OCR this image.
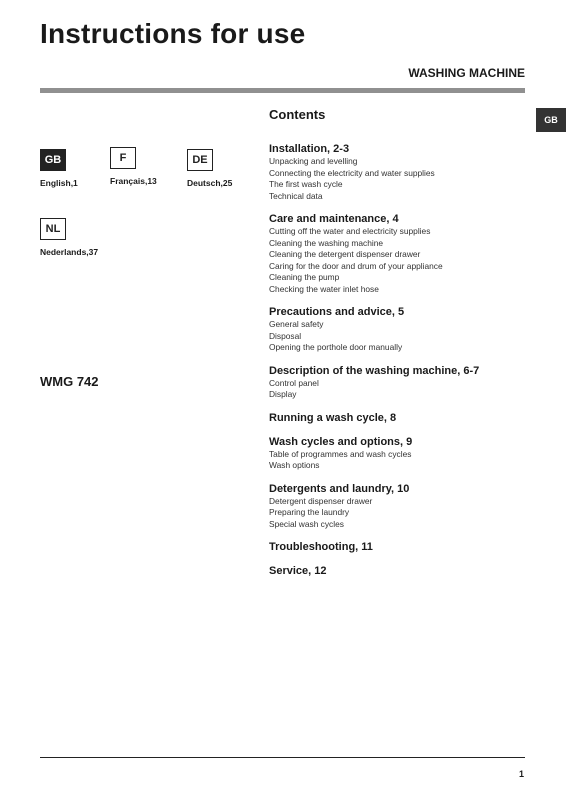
Instructions for use
WASHING MACHINE
GB
GB
English,1
F
Français,13
DE
Deutsch,25
NL
Nederlands,37
WMG 742
Contents
Installation, 2-3
Unpacking and levelling
Connecting the electricity and water supplies
The first wash cycle
Technical data
Care and maintenance, 4
Cutting off the water and electricity supplies
Cleaning the washing machine
Cleaning the detergent dispenser drawer
Caring for the door and drum of your appliance
Cleaning the pump
Checking the water inlet hose
Precautions and advice, 5
General safety
Disposal
Opening the porthole door manually
Description of the washing machine, 6-7
Control panel
Display
Running a wash cycle, 8
Wash cycles and options, 9
Table of programmes and wash cycles
Wash options
Detergents and laundry, 10
Detergent dispenser drawer
Preparing the laundry
Special wash cycles
Troubleshooting, 11
Service, 12
1
